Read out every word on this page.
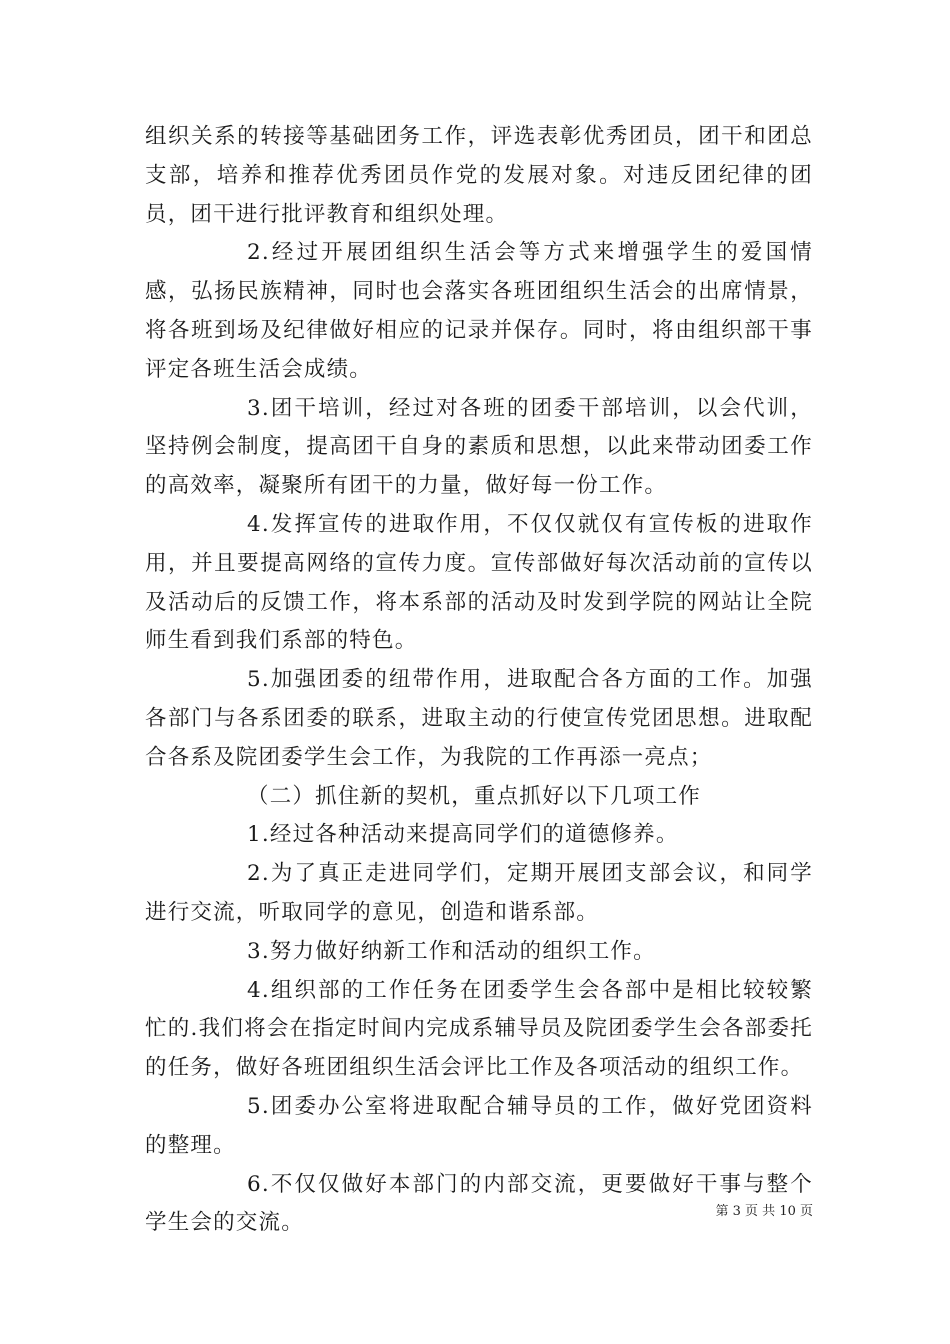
组织关系的转接等基础团务工作，评选表彰优秀团员，团干和团总支部，培养和推荐优秀团员作党的发展对象。对违反团纪律的团员，团干进行批评教育和组织处理。

2.经过开展团组织生活会等方式来增强学生的爱国情感，弘扬民族精神，同时也会落实各班团组织生活会的出席情景，将各班到场及纪律做好相应的记录并保存。同时，将由组织部干事评定各班生活会成绩。

3.团干培训，经过对各班的团委干部培训，以会代训，坚持例会制度，提高团干自身的素质和思想，以此来带动团委工作的高效率，凝聚所有团干的力量，做好每一份工作。

4.发挥宣传的进取作用，不仅仅就仅有宣传板的进取作用，并且要提高网络的宣传力度。宣传部做好每次活动前的宣传以及活动后的反馈工作，将本系部的活动及时发到学院的网站让全院师生看到我们系部的特色。

5.加强团委的纽带作用，进取配合各方面的工作。加强各部门与各系团委的联系，进取主动的行使宣传党团思想。进取配合各系及院团委学生会工作，为我院的工作再添一亮点；

（二）抓住新的契机，重点抓好以下几项工作

1.经过各种活动来提高同学们的道德修养。

2.为了真正走进同学们，定期开展团支部会议，和同学进行交流，听取同学的意见，创造和谐系部。

3.努力做好纳新工作和活动的组织工作。

4.组织部的工作任务在团委学生会各部中是相比较较繁忙的.我们将会在指定时间内完成系辅导员及院团委学生会各部委托的任务，做好各班团组织生活会评比工作及各项活动的组织工作。

5.团委办公室将进取配合辅导员的工作，做好党团资料的整理。

6.不仅仅做好本部门的内部交流，更要做好干事与整个学生会的交流。	第 3 页 共 10 页
